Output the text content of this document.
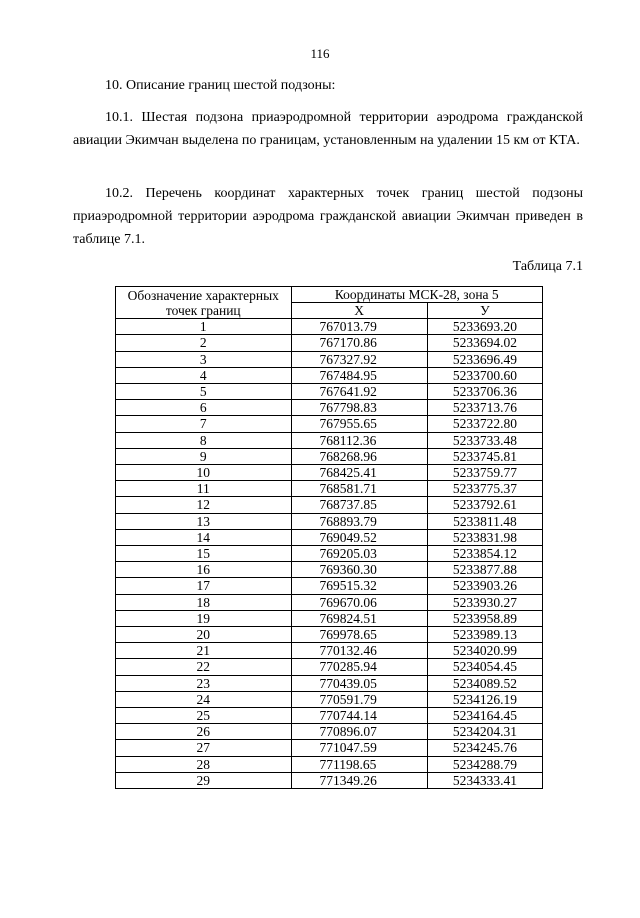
116
10. Описание границ шестой подзоны:
10.1. Шестая подзона приаэродромной территории аэродрома гражданской авиации Экимчан выделена по границам, установленным на удалении 15 км от КТА.
10.2. Перечень координат характерных точек границ шестой подзоны приаэродромной территории аэродрома гражданской авиации Экимчан приведен в таблице 7.1.
Таблица 7.1
Обозначение характерных
точек границ	Координаты МСК-28, зона 5	
	Х	У
1	767013.79	5233693.20
2	767170.86	5233694.02
3	767327.92	5233696.49
4	767484.95	5233700.60
5	767641.92	5233706.36
6	767798.83	5233713.76
7	767955.65	5233722.80
8	768112.36	5233733.48
9	768268.96	5233745.81
10	768425.41	5233759.77
11	768581.71	5233775.37
12	768737.85	5233792.61
13	768893.79	5233811.48
14	769049.52	5233831.98
15	769205.03	5233854.12
16	769360.30	5233877.88
17	769515.32	5233903.26
18	769670.06	5233930.27
19	769824.51	5233958.89
20	769978.65	5233989.13
21	770132.46	5234020.99
22	770285.94	5234054.45
23	770439.05	5234089.52
24	770591.79	5234126.19
25	770744.14	5234164.45
26	770896.07	5234204.31
27	771047.59	5234245.76
28	771198.65	5234288.79
29	771349.26	5234333.41
